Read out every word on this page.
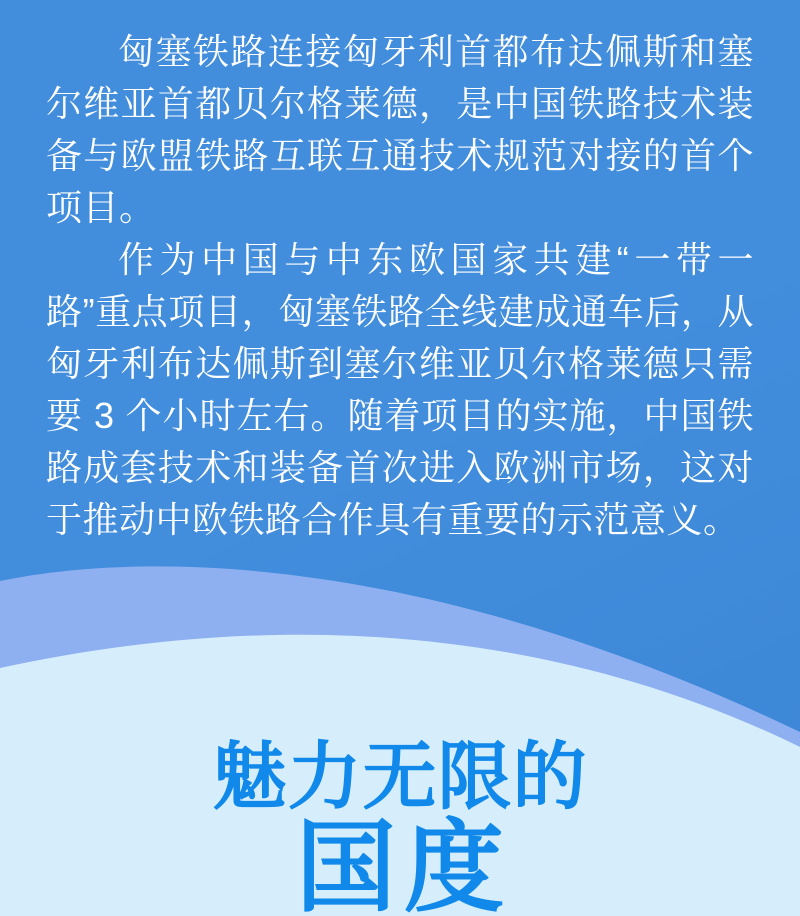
匈塞铁路连接匈牙利首都布达佩斯和塞尔维亚首都贝尔格莱德，是中国铁路技术装备与欧盟铁路互联互通技术规范对接的首个项目。

作为中国与中东欧国家共建“一带一路”重点项目，匈塞铁路全线建成通车后，从匈牙利布达佩斯到塞尔维亚贝尔格莱德只需要 3 个小时左右。随着项目的实施，中国铁路成套技术和装备首次进入欧洲市场，这对于推动中欧铁路合作具有重要的示范意义。

魅力无限的
国度
